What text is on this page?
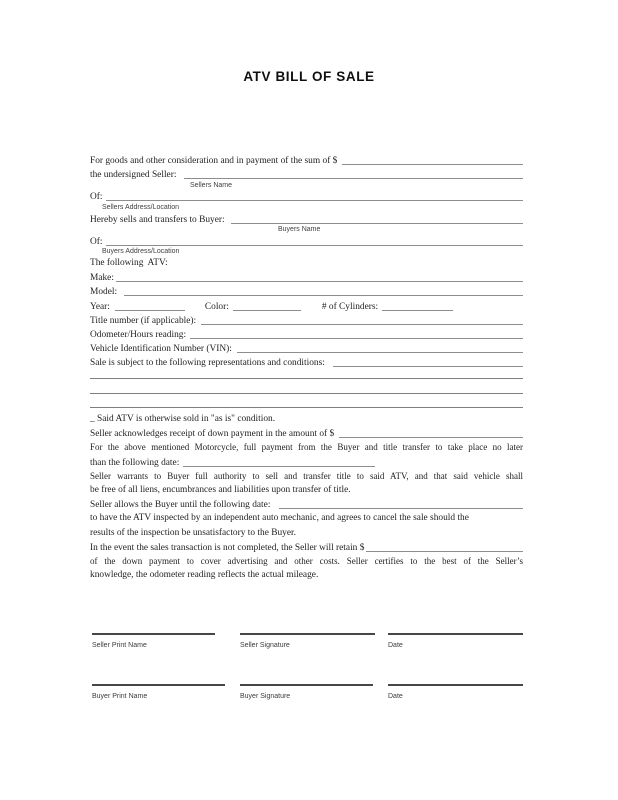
ATV BILL OF SALE
For goods and other consideration and in payment of the sum of $
the undersigned Seller:
Sellers Name
Of:
Sellers Address/Location
Hereby sells and transfers to Buyer:
Buyers Name
Of:
Buyers Address/Location
The following  ATV:
Make:
Model:
Year:	Color:	# of Cylinders:
Title number (if applicable):
Odometer/Hours reading:
Vehicle Identification Number (VIN):
Sale is subject to the following representations and conditions:
_ Said ATV is otherwise sold in "as is" condition.
Seller acknowledges receipt of down payment in the amount of $
For the above mentioned Motorcycle, full payment from the Buyer and title transfer to take place no later
than the following date:
Seller warrants to Buyer full authority to sell and transfer title to said ATV, and that said vehicle shall
be free of all liens, encumbrances and liabilities upon transfer of title.
Seller allows the Buyer until the following date:
to have the ATV inspected by an independent auto mechanic, and agrees to cancel the sale should the
results of the inspection be unsatisfactory to the Buyer.
In the event the sales transaction is not completed, the Seller will retain $
of the down payment to cover advertising and other costs. Seller certifies to the best of the Seller’s
knowledge, the odometer reading reflects the actual mileage.
Seller Print Name	Seller Signature	Date
Buyer Print Name	Buyer Signature	Date
